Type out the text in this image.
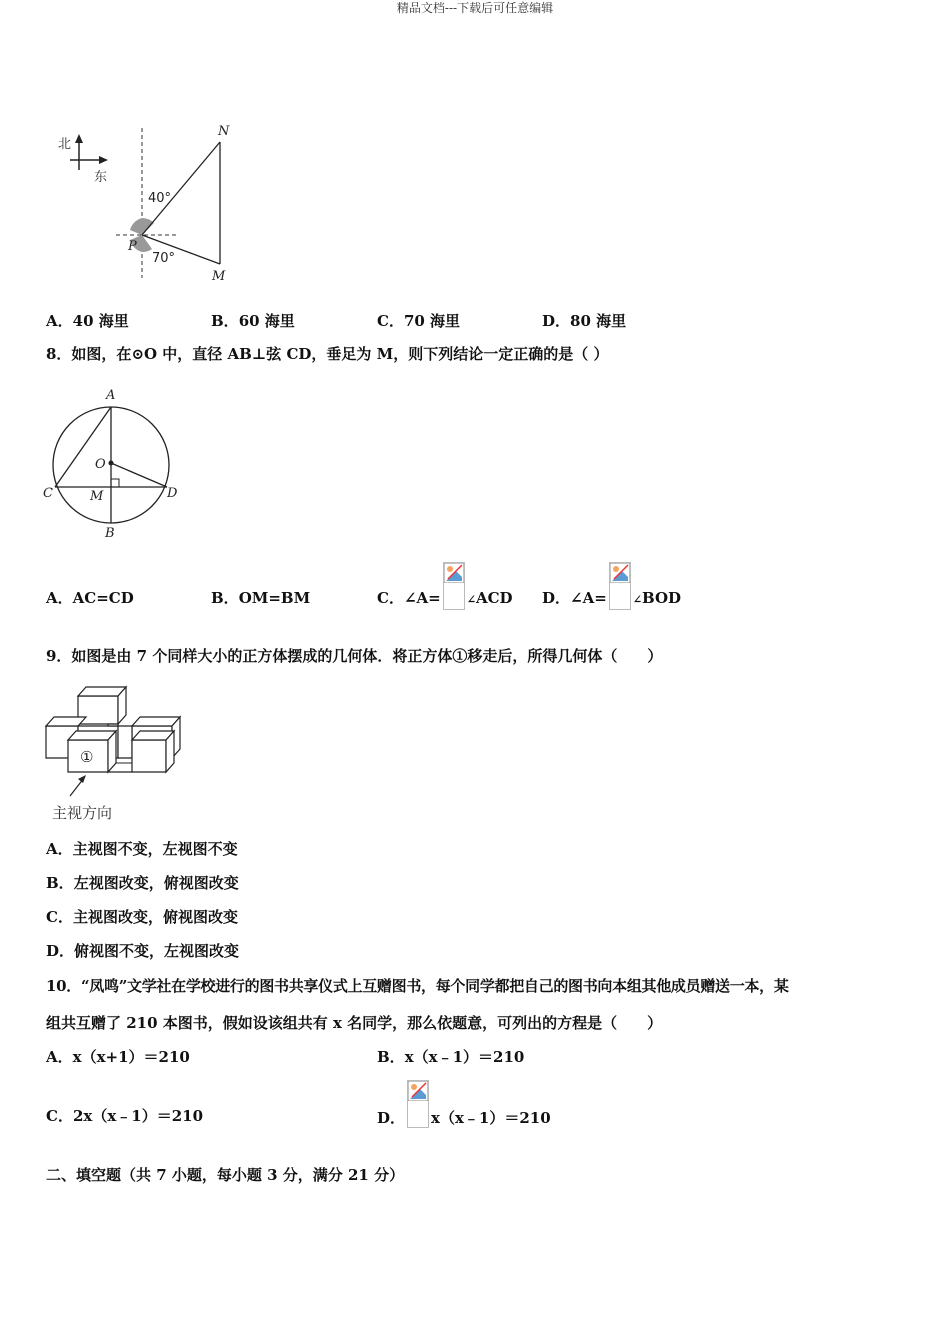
精品文档---下载后可任意编辑
北
东
N
M
P
40°
70°
A．40 海里	B．60 海里	C．70 海里	D．80 海里
8．如图，在⊙O 中，直径 AB⊥弦 CD，垂足为 M，则下列结论一定正确的是（ ）
A
O
C	D
M
B
A．AC=CD	B．OM=BM	C．∠A= ∠ACD D．∠A= ∠BOD
9．如图是由 7 个同样大小的正方体摆成的几何体．将正方体①移走后，所得几何体（　　）
①
主视方向
A．主视图不变，左视图不变
B．左视图改变，俯视图改变
C．主视图改变，俯视图改变
D．俯视图不变，左视图改变
10．“凤鸣”文学社在学校进行的图书共享仪式上互赠图书，每个同学都把自己的图书向本组其他成员赠送一本，某
组共互赠了 210 本图书，假如设该组共有 x 名同学，那么依题意，可列出的方程是（　　）
A．x（x+1）＝210	B．x（x﹣1）＝210
C．2x（x﹣1）＝210	D． x（x﹣1）＝210
二、填空题（共 7 小题，每小题 3 分，满分 21 分）
